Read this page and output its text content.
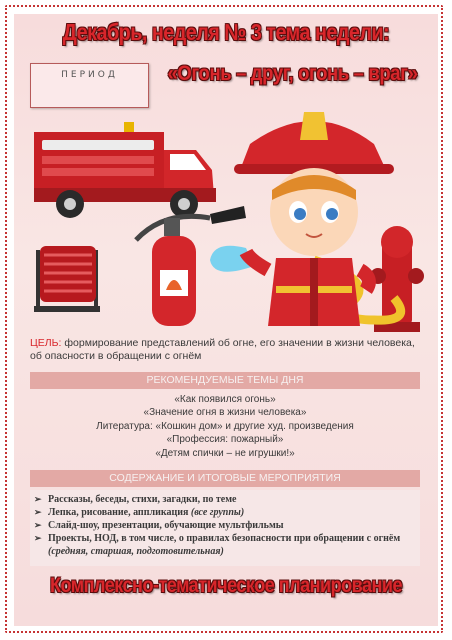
Декабрь, неделя № 3 тема недели:
ПЕРИОД	«Огонь – друг, огонь – враг»
ЦЕЛЬ: формирование представлений об огне, его значении в жизни человека, об опасности в обращении с огнём
РЕКОМЕНДУЕМЫЕ ТЕМЫ ДНЯ
«Как появился огонь»
«Значение огня в жизни человека»
Литература: «Кошкин дом» и другие худ. произведения
«Профессия: пожарный»
«Детям спички – не игрушки!»
СОДЕРЖАНИЕ И ИТОГОВЫЕ МЕРОПРИЯТИЯ
➢ Рассказы, беседы, стихи, загадки, по теме
➢ Лепка, рисование, аппликация (все группы)
➢ Слайд-шоу, презентации, обучающие мультфильмы
➢ Проекты, НОД, в том числе, о правилах безопасности при обращении с огнём (средняя, старшая, подготовительная)
Комплексно-тематическое планирование
